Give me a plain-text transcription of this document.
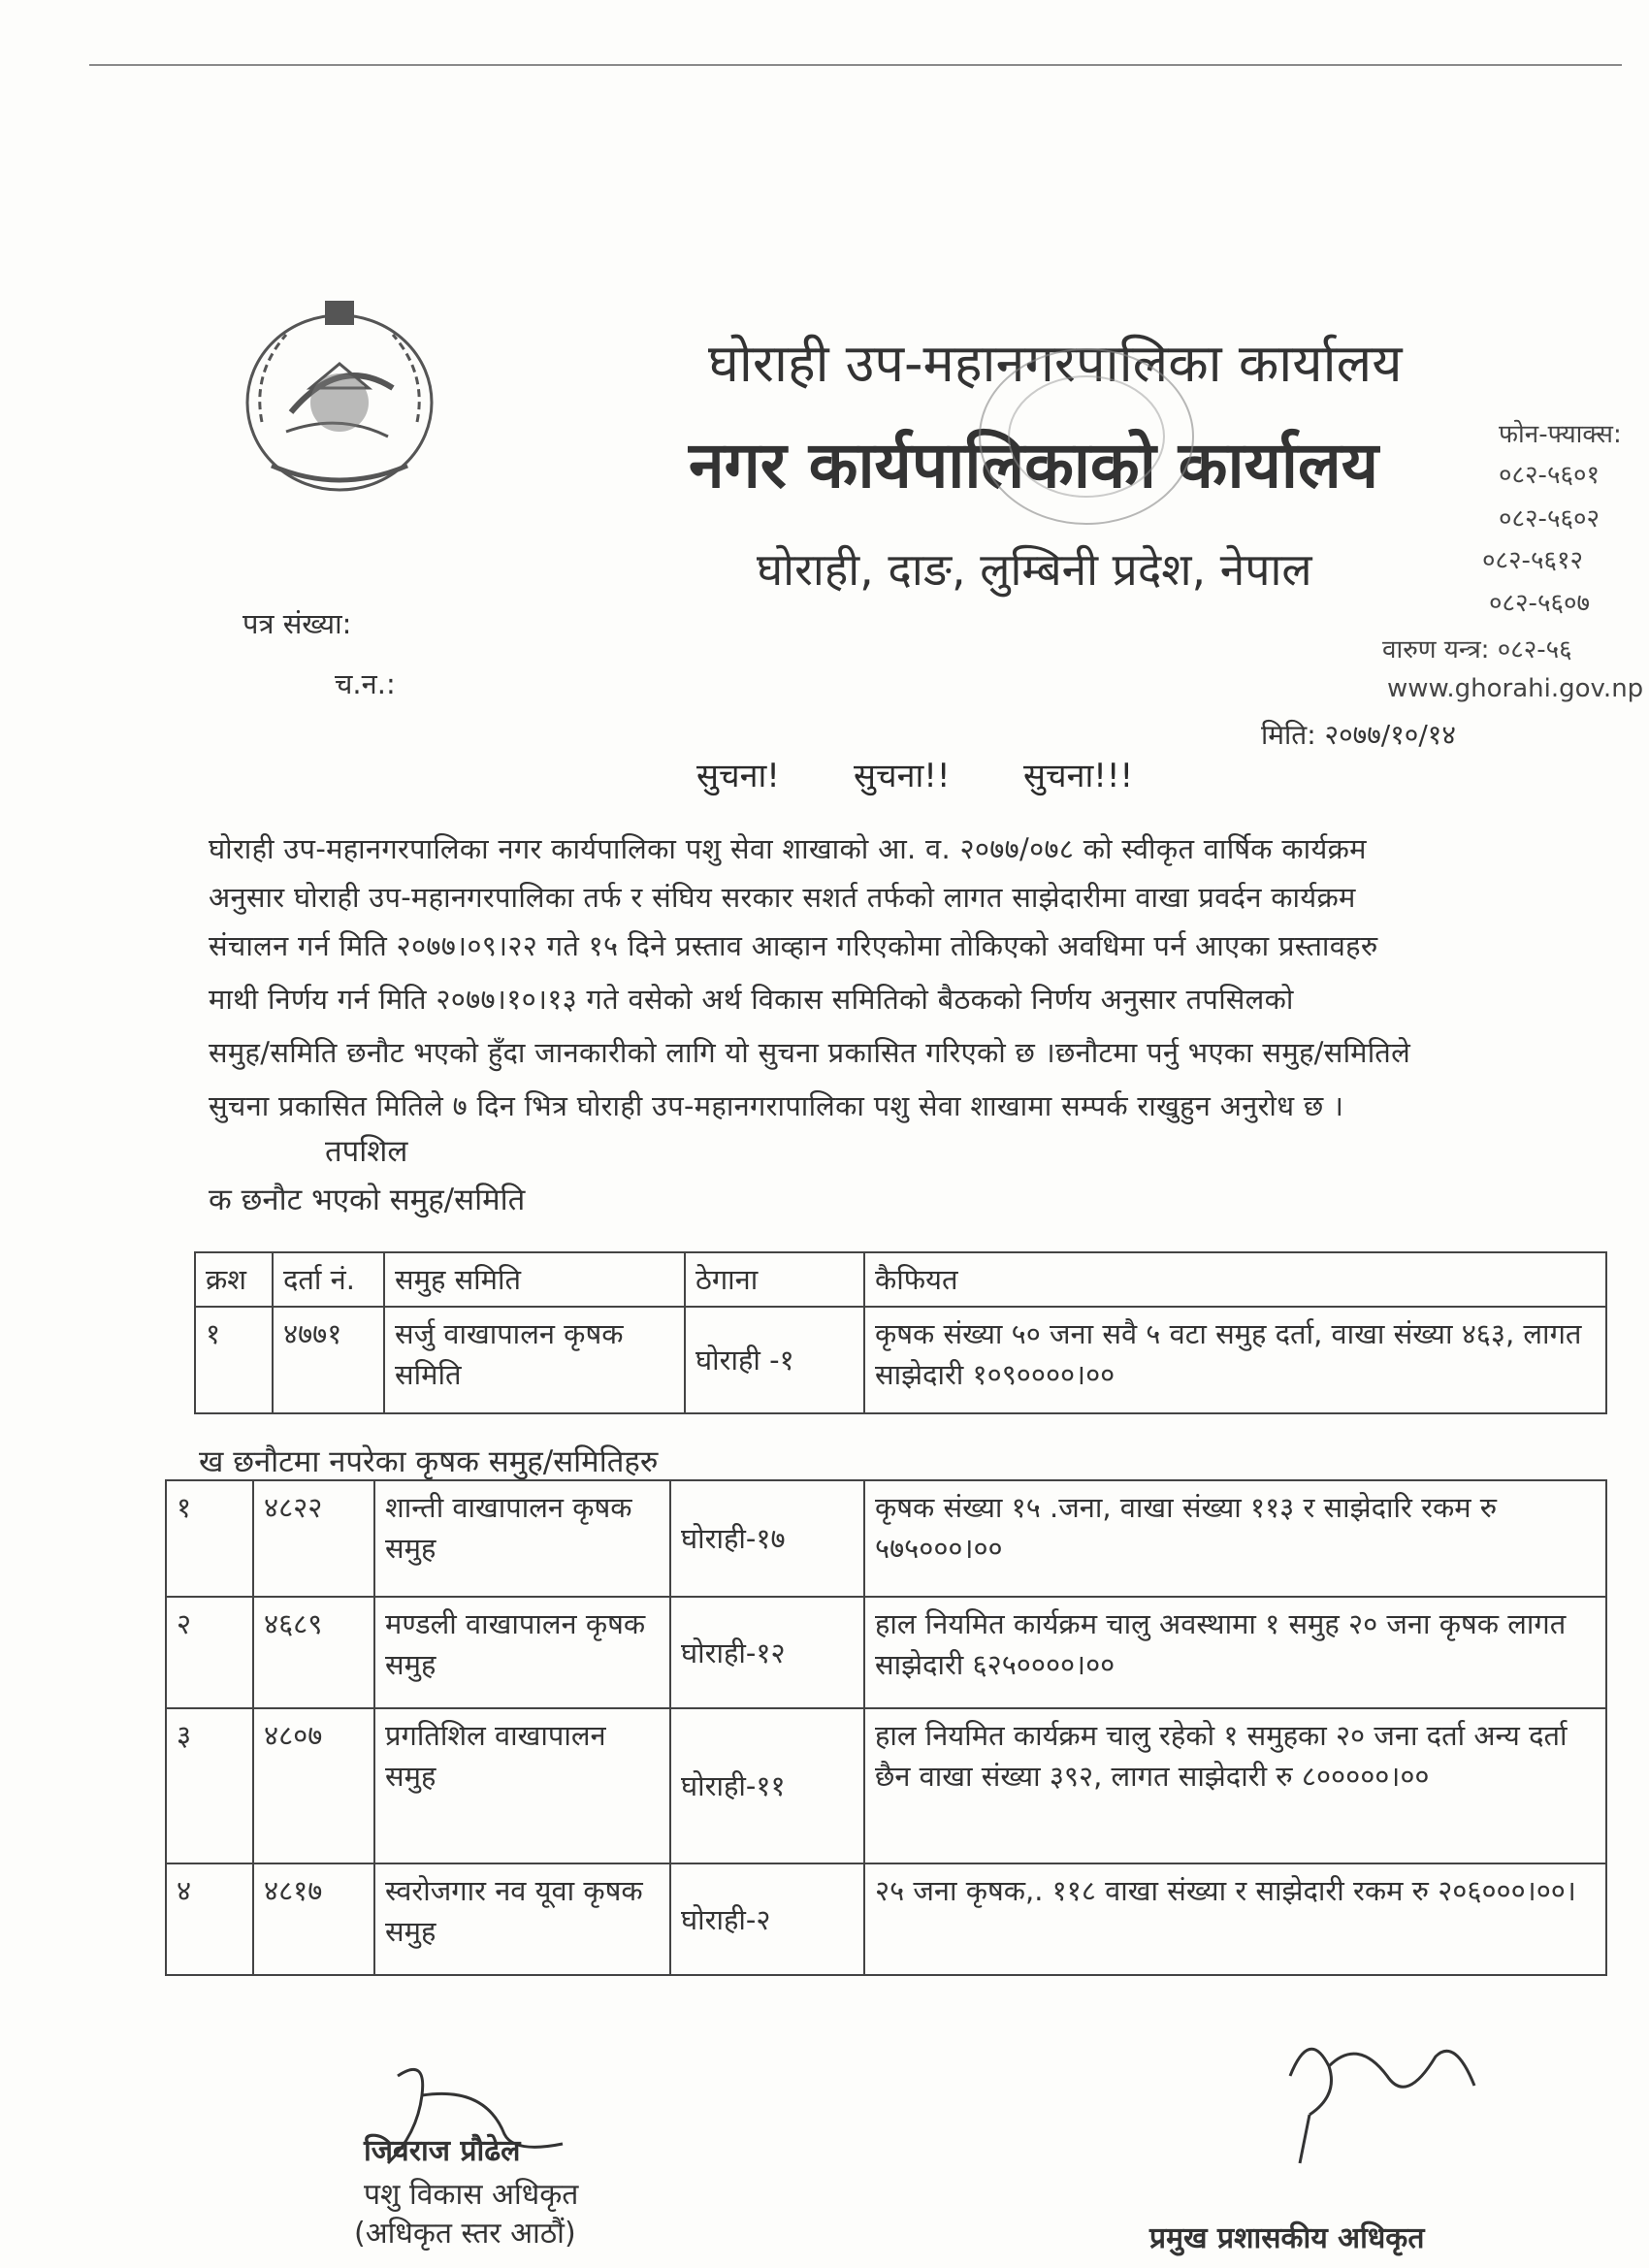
घोराही उप-महानगरपालिका कार्यालय
नगर कार्यपालिकाको कार्यालय
घोराही, दाङ, लुम्बिनी प्रदेश, नेपाल
फोन-फ्याक्स:
०८२-५६०१
०८२-५६०२
०८२-५६१२
०८२-५६०७
वारुण यन्त्र: ०८२-५६
www.ghorahi.gov.np
पत्र संख्या:
च.न.:
मिति: २०७७/१०/१४
सुचना! सुचना!! सुचना!!!
घोराही उप-महानगरपालिका नगर कार्यपालिका पशु सेवा शाखाको आ. व. २०७७/०७८ को स्वीकृत वार्षिक कार्यक्रम
अनुसार घोराही उप-महानगरपालिका तर्फ र संघिय सरकार सशर्त तर्फको लागत साझेदारीमा वाखा प्रवर्दन कार्यक्रम
संचालन गर्न मिति २०७७।०९।२२ गते १५ दिने प्रस्ताव आव्हान गरिएकोमा तोकिएको अवधिमा पर्न आएका प्रस्तावहरु
माथी निर्णय गर्न मिति २०७७।१०।१३ गते वसेको अर्थ विकास समितिको बैठकको निर्णय अनुसार तपसिलको
समुह/समिति छनौट भएको हुँदा जानकारीको लागि यो सुचना प्रकासित गरिएको छ ।छनौटमा पर्नु भएका समुह/समितिले
सुचना प्रकासित मितिले ७ दिन भित्र घोराही उप-महानगरापालिका पशु सेवा शाखामा सम्पर्क राखुहुन अनुरोध छ ।
तपशिल
क छनौट भएको समुह/समिति
क्रश	दर्ता नं.	समुह समिति	ठेगाना	कैफियत
१	४७७१	सर्जु वाखापालन कृषक समिति	घोराही -१	कृषक संख्या ५० जना सवै ५ वटा समुह दर्ता, वाखा संख्या ४६३, लागत साझेदारी १०९००००।००
ख छनौटमा नपरेका कृषक समुह/समितिहरु
१	४८२२	शान्ती वाखापालन कृषक समुह	घोराही-१७	कृषक संख्या १५ .जना, वाखा संख्या ११३ र साझेदारि रकम रु ५७५०००।००
२	४६८९	मण्डली वाखापालन कृषक समुह	घोराही-१२	हाल नियमित कार्यक्रम चालु अवस्थामा १ समुह २० जना कृषक लागत साझेदारी ६२५००००।००
३	४८०७	प्रगतिशिल वाखापालन समुह	घोराही-११	हाल नियमित कार्यक्रम चालु रहेको १ समुहका २० जना दर्ता अन्य दर्ता छैन वाखा संख्या ३९२, लागत साझेदारी रु ८०००००।००
४	४८१७	स्वरोजगार नव यूवा कृषक समुह	घोराही-२	२५ जना कृषक,. ११८ वाखा संख्या र साझेदारी रकम रु २०६०००।००।
जिवराज प्रौढेल
पशु विकास अधिकृत
(अधिकृत स्तर आठौं)	प्रमुख प्रशासकीय अधिकृत
